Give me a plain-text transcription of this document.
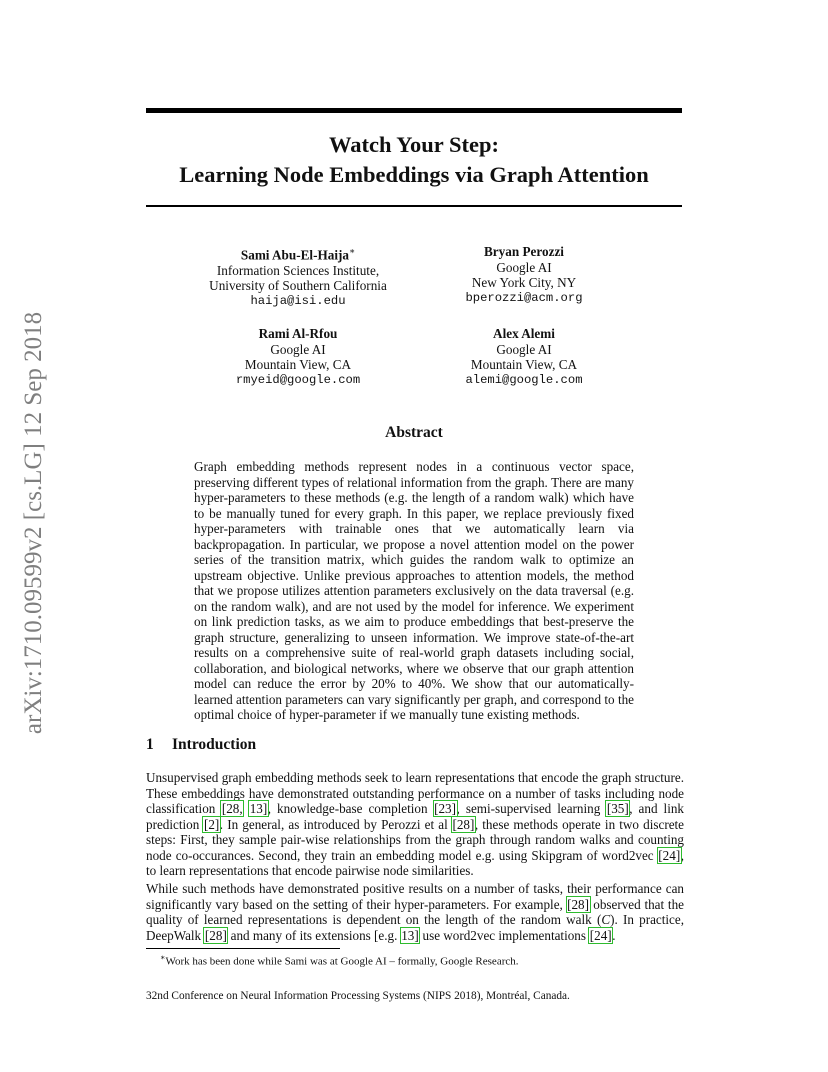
arXiv:1710.09599v2 [cs.LG] 12 Sep 2018
Watch Your Step:
Learning Node Embeddings via Graph Attention
Sami Abu-El-Haija∗
Information Sciences Institute,
University of Southern California
haija@isi.edu
Bryan Perozzi
Google AI
New York City, NY
bperozzi@acm.org
Rami Al-Rfou
Google AI
Mountain View, CA
rmyeid@google.com
Alex Alemi
Google AI
Mountain View, CA
alemi@google.com
Abstract
Graph embedding methods represent nodes in a continuous vector space, preserving different types of relational information from the graph. There are many hyper-parameters to these methods (e.g. the length of a random walk) which have to be manually tuned for every graph. In this paper, we replace previously fixed hyper-parameters with trainable ones that we automatically learn via backpropagation. In particular, we propose a novel attention model on the power series of the transition matrix, which guides the random walk to optimize an upstream objective. Unlike previous approaches to attention models, the method that we propose utilizes attention parameters exclusively on the data traversal (e.g. on the random walk), and are not used by the model for inference. We experiment on link prediction tasks, as we aim to produce embeddings that best-preserve the graph structure, generalizing to unseen information. We improve state-of-the-art results on a comprehensive suite of real-world graph datasets including social, collaboration, and biological networks, where we observe that our graph attention model can reduce the error by 20% to 40%. We show that our automatically-learned attention parameters can vary significantly per graph, and correspond to the optimal choice of hyper-parameter if we manually tune existing methods.
1 Introduction
Unsupervised graph embedding methods seek to learn representations that encode the graph structure. These embeddings have demonstrated outstanding performance on a number of tasks including node classification [28, 13], knowledge-base completion [23], semi-supervised learning [35], and link prediction [2]. In general, as introduced by Perozzi et al [28], these methods operate in two discrete steps: First, they sample pair-wise relationships from the graph through random walks and counting node co-occurances. Second, they train an embedding model e.g. using Skipgram of word2vec [24], to learn representations that encode pairwise node similarities.
While such methods have demonstrated positive results on a number of tasks, their performance can significantly vary based on the setting of their hyper-parameters. For example, [28] observed that the quality of learned representations is dependent on the length of the random walk (C). In practice, DeepWalk [28] and many of its extensions [e.g. 13] use word2vec implementations [24].
∗Work has been done while Sami was at Google AI – formally, Google Research.
32nd Conference on Neural Information Processing Systems (NIPS 2018), Montréal, Canada.
